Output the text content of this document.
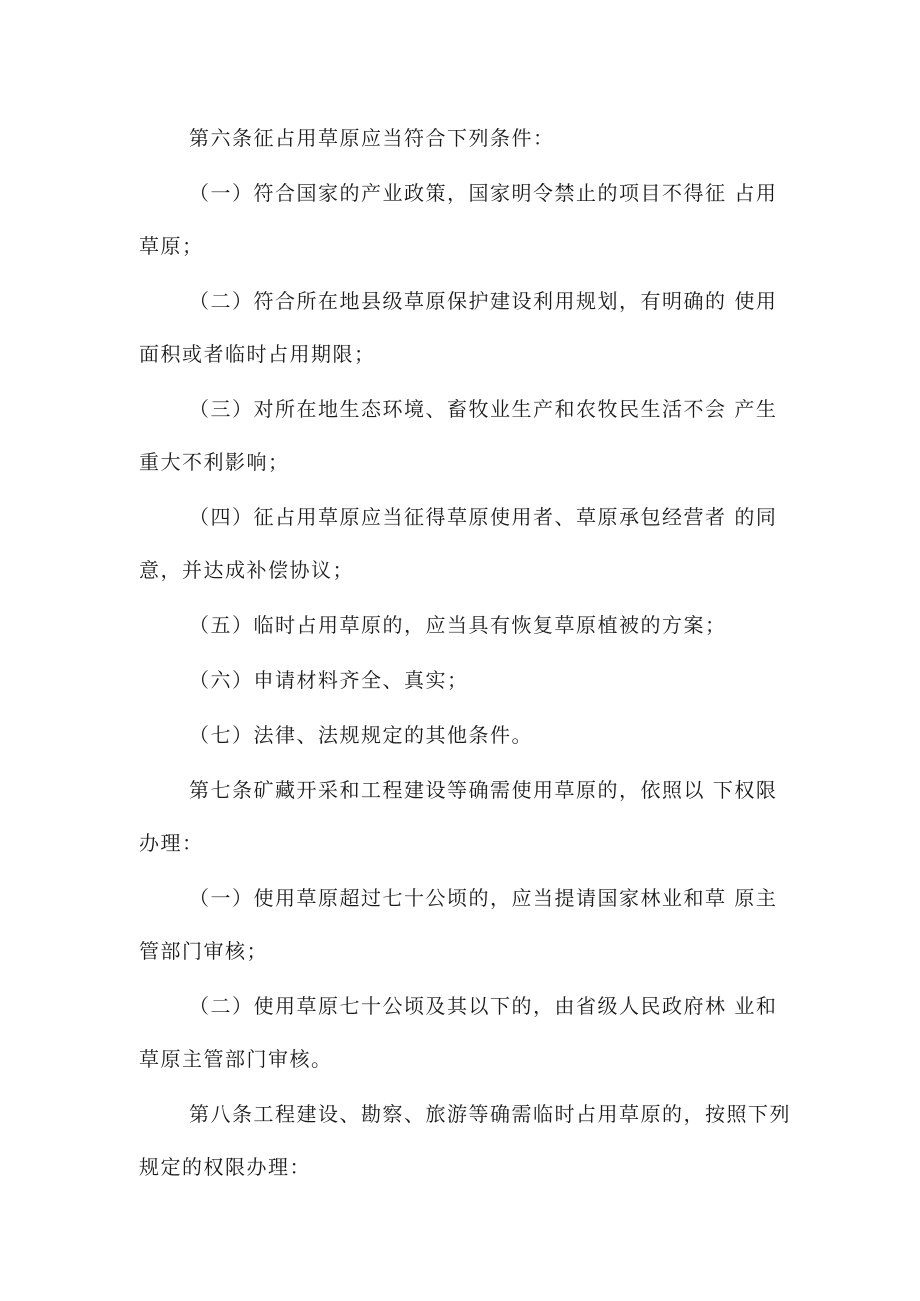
第六条征占用草原应当符合下列条件：

（一）符合国家的产业政策，国家明令禁止的项目不得征 占用
草原；

（二）符合所在地县级草原保护建设利用规划，有明确的 使用
面积或者临时占用期限；

（三）对所在地生态环境、畜牧业生产和农牧民生活不会 产生
重大不利影响；

（四）征占用草原应当征得草原使用者、草原承包经营者 的同
意，并达成补偿协议；

（五）临时占用草原的，应当具有恢复草原植被的方案；

（六）申请材料齐全、真实；

（七）法律、法规规定的其他条件。

第七条矿藏开采和工程建设等确需使用草原的，依照以 下权限
办理：

（一）使用草原超过七十公顷的，应当提请国家林业和草 原主
管部门审核；

（二）使用草原七十公顷及其以下的，由省级人民政府林 业和
草原主管部门审核。

第八条工程建设、勘察、旅游等确需临时占用草原的，按照下列
规定的权限办理：
